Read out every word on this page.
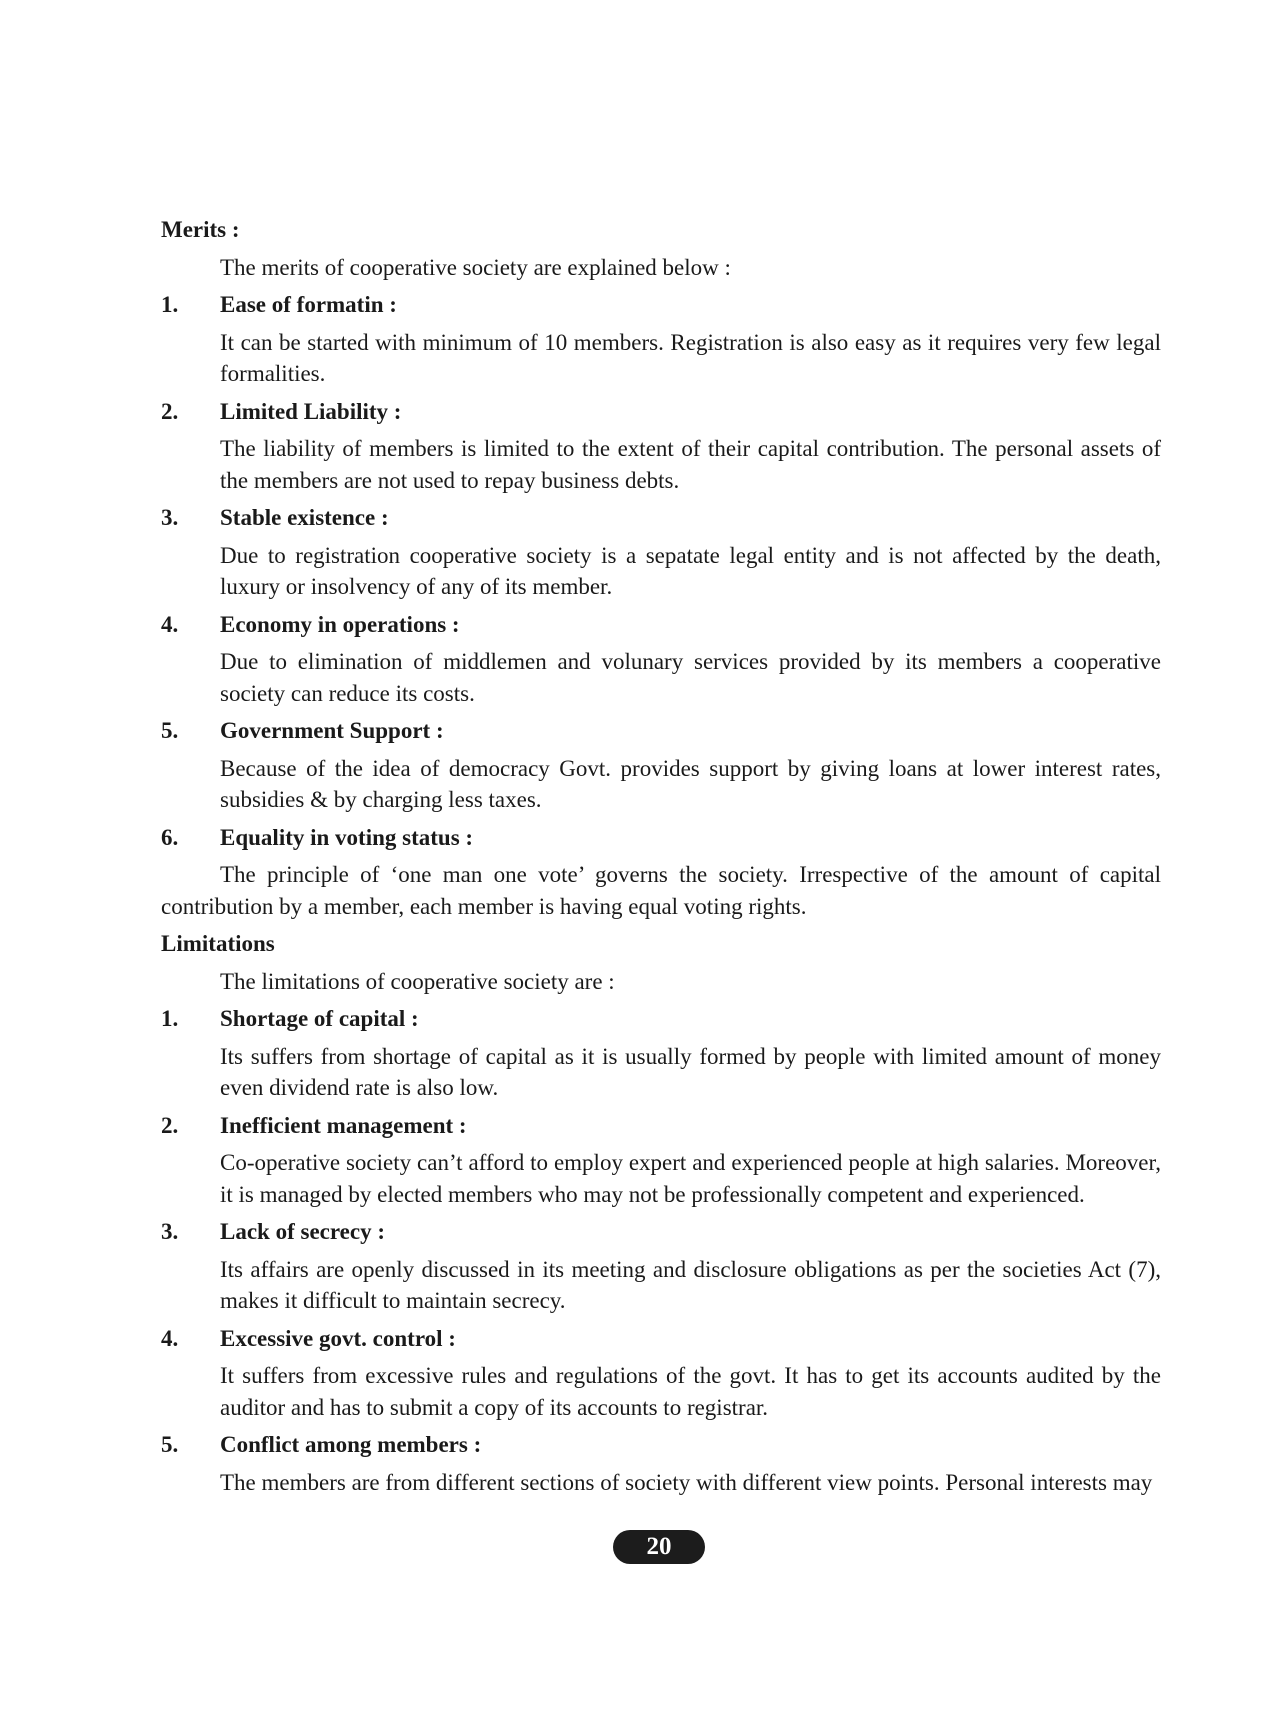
Merits :
The merits of cooperative society are explained below :
1.	Ease of formatin :
It can be started with minimum of 10 members. Registration is also easy as it requires very few legal formalities.
2.	Limited Liability :
The liability of members is limited to the extent of their capital contribution. The personal assets of the members are not used to repay business debts.
3.	Stable existence :
Due to registration cooperative society is a sepatate legal entity and is not affected by the death, luxury or insolvency of any of its member.
4.	Economy in operations :
Due to elimination of middlemen and volunary services provided by its members a cooperative society can reduce its costs.
5.	Government Support :
Because of the idea of democracy Govt. provides support by giving loans at lower interest rates, subsidies & by charging less taxes.
6.	Equality in voting status :
The principle of ‘one man one vote’ governs the society. Irrespective of the amount of capital contribution by a member, each member is having equal voting rights.
Limitations
The limitations of cooperative society are :
1.	Shortage of capital :
Its suffers from shortage of capital as it is usually formed by people with limited amount of money even dividend rate is also low.
2.	Inefficient management :
Co-operative society can’t afford to employ expert and experienced people at high salaries. Moreover, it is managed by elected members who may not be professionally competent and experienced.
3.	Lack of secrecy :
Its affairs are openly discussed in its meeting and disclosure obligations as per the societies Act (7), makes it difficult to maintain secrecy.
4.	Excessive govt. control :
It suffers from excessive rules and regulations of the govt. It has to get its accounts audited by the auditor and has to submit a copy of its accounts to registrar.
5.	Conflict among members :
The members are from different sections of society with different view points. Personal interests may
20
